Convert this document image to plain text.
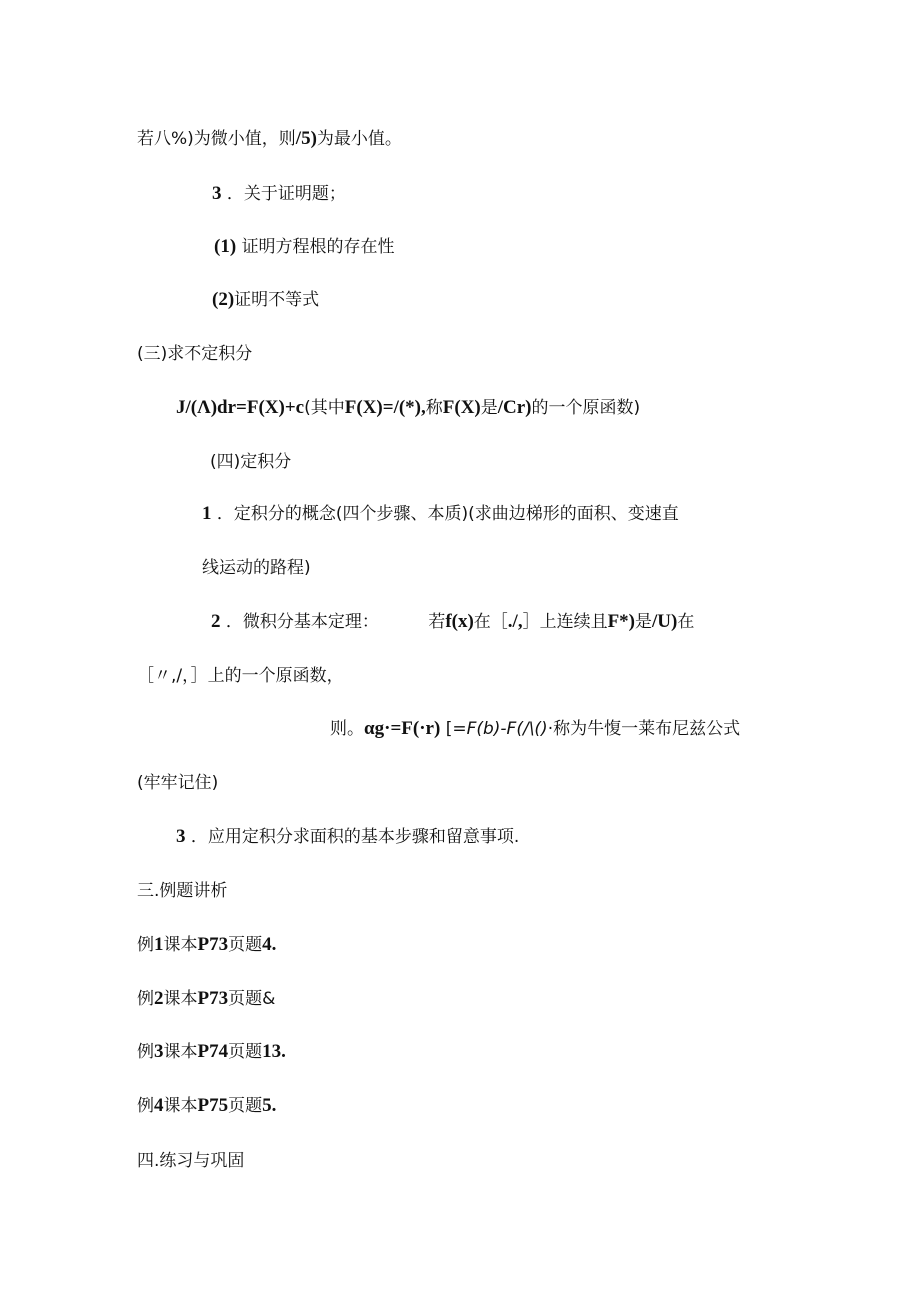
若八%)为微小值，则/5)为最小值。
3 ．关于证明题；
(1) 证明方程根的存在性
(2)证明不等式
(三)求不定积分
J/(Λ)dr=F(X)+c(其中F(X)=/(*),称F(X)是/Cr)的一个原函数)
(四)定积分
1 ．定积分的概念(四个步骤、本质)(求曲边梯形的面积、变速直
线运动的路程)
2 ．微积分基本定理：	若f(x)在［./,］上连续且F*)是/U)在
［〃,/，］上的一个原函数，
则。αg·=F(·r) [=F(b)-F(/\()·称为牛愎一莱布尼兹公式
(牢牢记住)
3 ．应用定积分求面积的基本步骤和留意事项.
三.例题讲析
例1课本P73页题4.
例2课本P73页题&
例3课本P74页题13.
例4课本P75页题5.
四.练习与巩固
